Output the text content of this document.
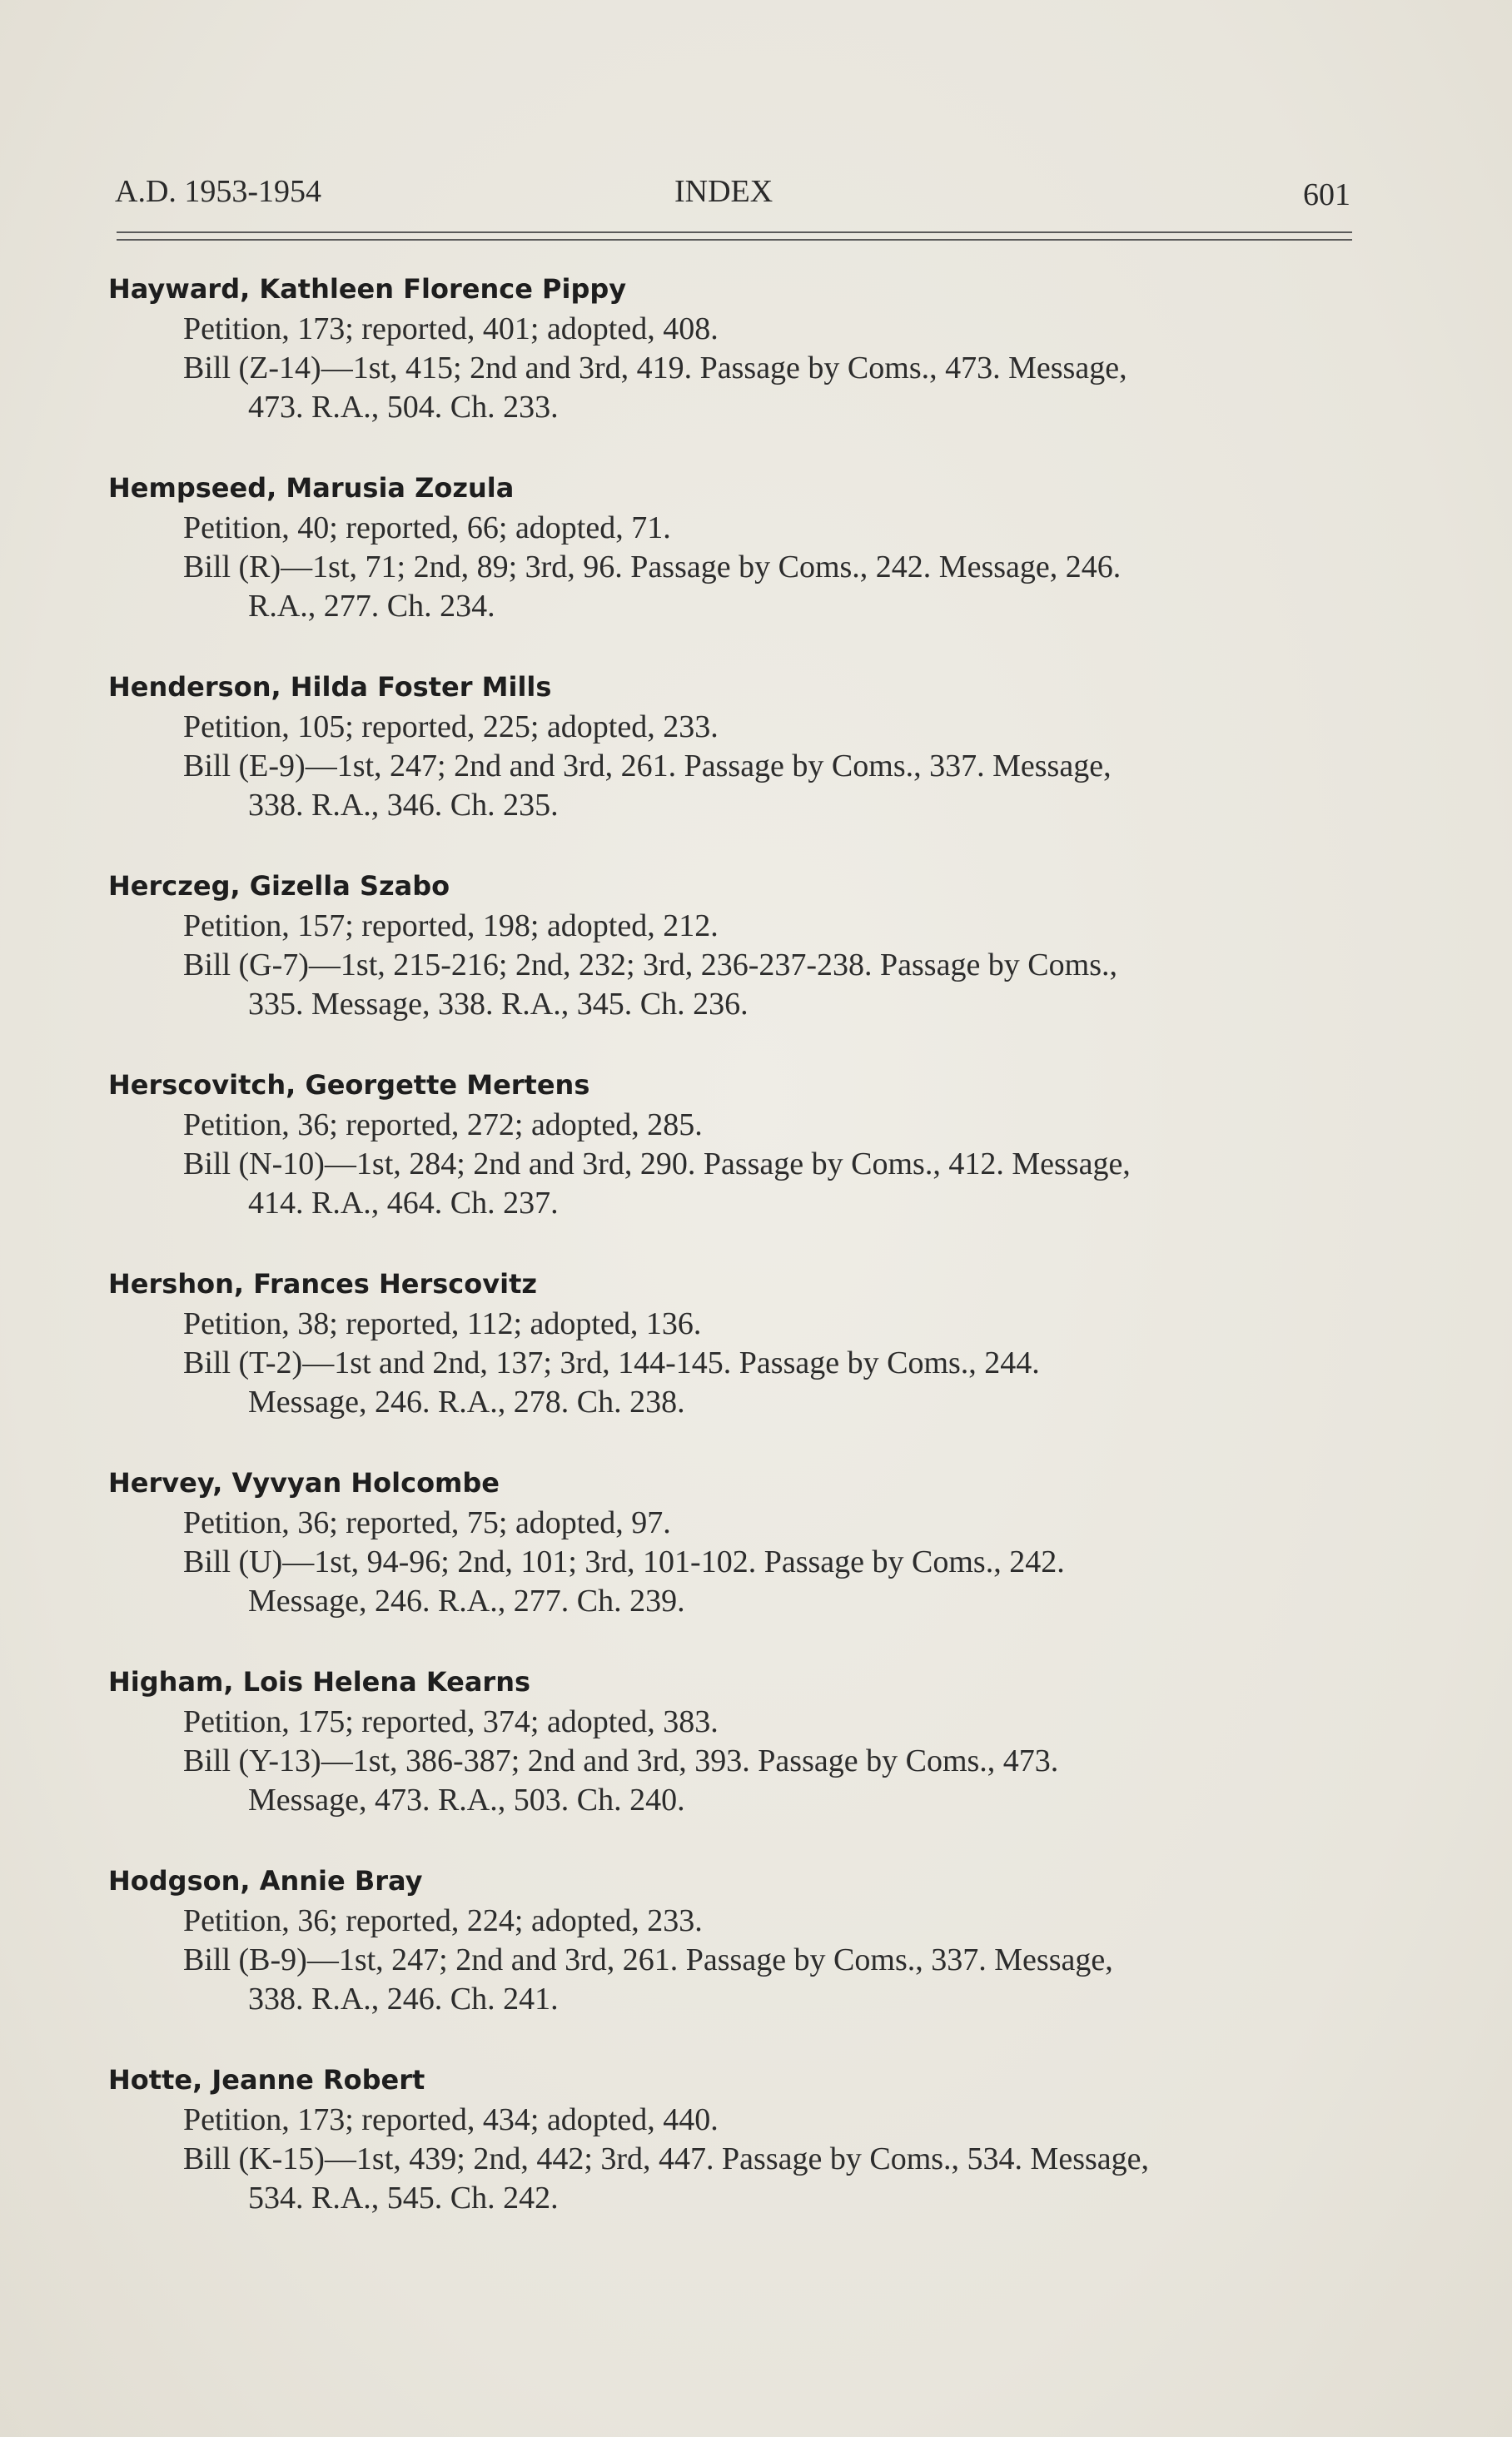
A.D. 1953-1954	INDEX	601
Hayward, Kathleen Florence Pippy
Petition, 173; reported, 401; adopted, 408.
Bill (Z-14)—1st, 415; 2nd and 3rd, 419. Passage by Coms., 473. Message,
473. R.A., 504. Ch. 233.
Hempseed, Marusia Zozula
Petition, 40; reported, 66; adopted, 71.
Bill (R)—1st, 71; 2nd, 89; 3rd, 96. Passage by Coms., 242. Message, 246.
R.A., 277. Ch. 234.
Henderson, Hilda Foster Mills
Petition, 105; reported, 225; adopted, 233.
Bill (E-9)—1st, 247; 2nd and 3rd, 261. Passage by Coms., 337. Message,
338. R.A., 346. Ch. 235.
Herczeg, Gizella Szabo
Petition, 157; reported, 198; adopted, 212.
Bill (G-7)—1st, 215-216; 2nd, 232; 3rd, 236-237-238. Passage by Coms.,
335. Message, 338. R.A., 345. Ch. 236.
Herscovitch, Georgette Mertens
Petition, 36; reported, 272; adopted, 285.
Bill (N-10)—1st, 284; 2nd and 3rd, 290. Passage by Coms., 412. Message,
414. R.A., 464. Ch. 237.
Hershon, Frances Herscovitz
Petition, 38; reported, 112; adopted, 136.
Bill (T-2)—1st and 2nd, 137; 3rd, 144-145. Passage by Coms., 244.
Message, 246. R.A., 278. Ch. 238.
Hervey, Vyvyan Holcombe
Petition, 36; reported, 75; adopted, 97.
Bill (U)—1st, 94-96; 2nd, 101; 3rd, 101-102. Passage by Coms., 242.
Message, 246. R.A., 277. Ch. 239.
Higham, Lois Helena Kearns
Petition, 175; reported, 374; adopted, 383.
Bill (Y-13)—1st, 386-387; 2nd and 3rd, 393. Passage by Coms., 473.
Message, 473. R.A., 503. Ch. 240.
Hodgson, Annie Bray
Petition, 36; reported, 224; adopted, 233.
Bill (B-9)—1st, 247; 2nd and 3rd, 261. Passage by Coms., 337. Message,
338. R.A., 246. Ch. 241.
Hotte, Jeanne Robert
Petition, 173; reported, 434; adopted, 440.
Bill (K-15)—1st, 439; 2nd, 442; 3rd, 447. Passage by Coms., 534. Message,
534. R.A., 545. Ch. 242.
